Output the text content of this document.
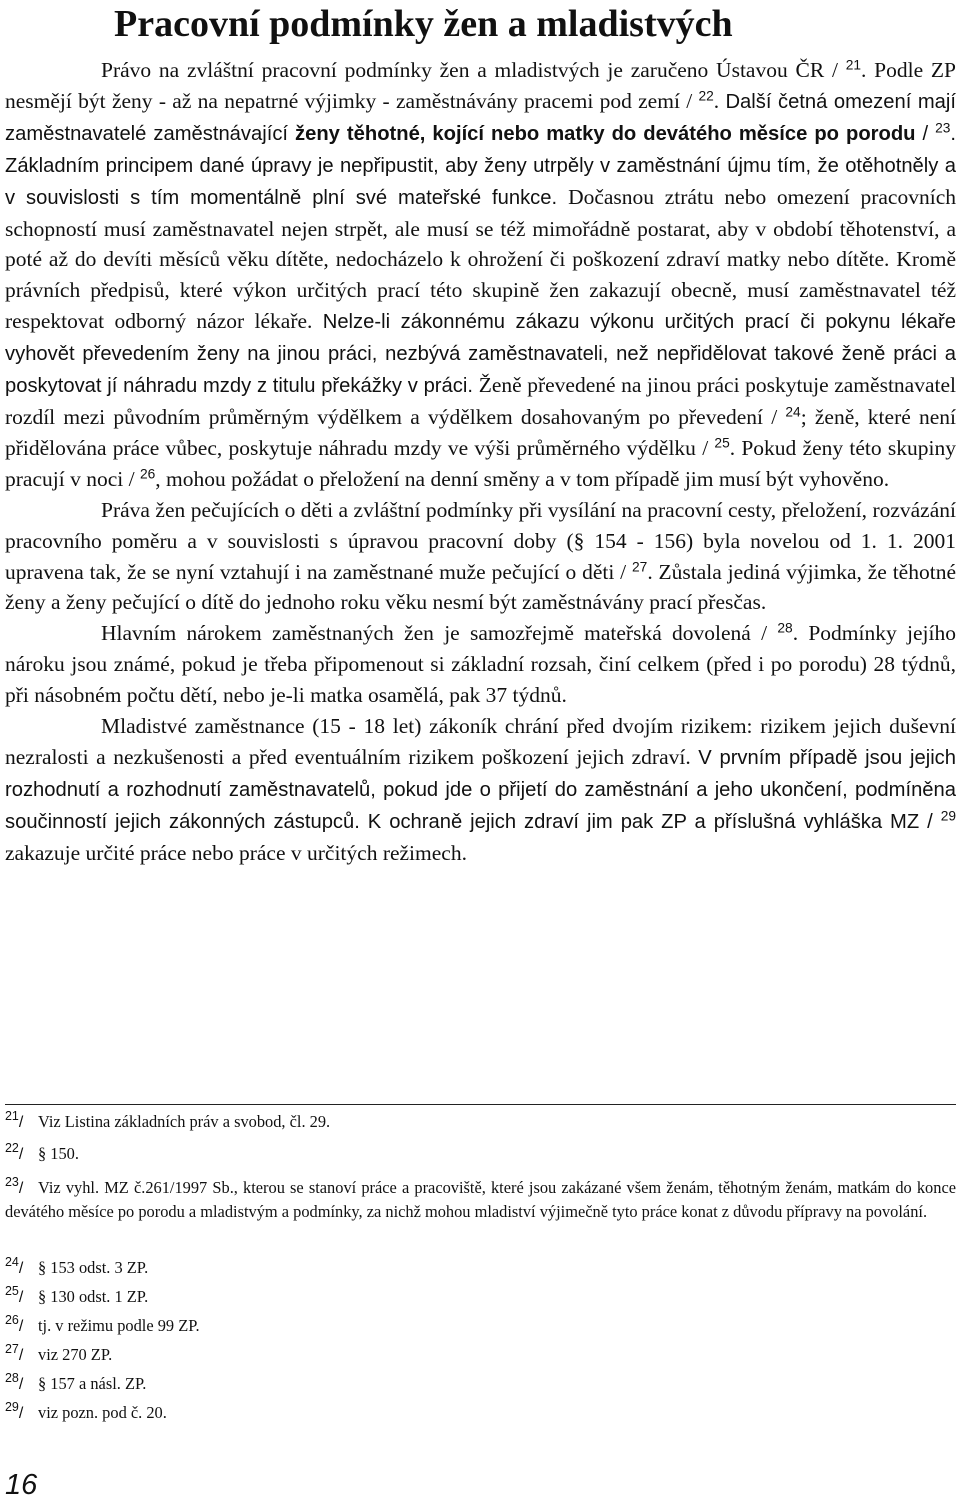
Pracovní podmínky žen a mladistvých

Právo na zvláštní pracovní podmínky žen a mladistvých je zaručeno Ústavou ČR / $^{21}$. Podle ZP nesmějí být ženy - až na nepatrné výjimky - zaměstnávány pracemi pod zemí / $^{22}$. Další četná omezení mají zaměstnavatelé zaměstnávající ženy těhotné, kojící nebo matky do devátého měsíce po porodu / $^{23}$. Základním principem dané úpravy je nepřipustit, aby ženy utrpěly v zaměstnání újmu tím, že otěhotněly a v souvislosti s tím momentálně plní své mateřské funkce. Dočasnou ztrátu nebo omezení pracovních schopností musí zaměstnavatel nejen strpět, ale musí se též mimořádně postarat, aby v období těhotenství, a poté až do devíti měsíců věku dítěte, nedocházelo k ohrožení či poškození zdraví matky nebo dítěte. Kromě právních předpisů, které výkon určitých prací této skupině žen zakazují obecně, musí zaměstnavatel též respektovat odborný názor lékaře. Nelze-li zákonnému zákazu výkonu určitých prací či pokynu lékaře vyhovět převedením ženy na jinou práci, nezbývá zaměstnavateli, než nepřidělovat takové ženě práci a poskytovat jí náhradu mzdy z titulu překážky v práci. Ženě převedené na jinou práci poskytuje zaměstnavatel rozdíl mezi původním průměrným výdělkem a výdělkem dosahovaným po převedení / $^{24}$; ženě, které není přidělována práce vůbec, poskytuje náhradu mzdy ve výši průměrného výdělku / $^{25}$. Pokud ženy této skupiny pracují v noci / $^{26}$, mohou požádat o přeložení na denní směny a v tom případě jim musí být vyhověno.

Práva žen pečujících o děti a zvláštní podmínky při vysílání na pracovní cesty, přeložení, rozvázání pracovního poměru a v souvislosti s úpravou pracovní doby (§ 154 - 156) byla novelou od 1. 1. 2001 upravena tak, že se nyní vztahují i na zaměstnané muže pečující o děti / $^{27}$. Zůstala jediná výjimka, že těhotné ženy a ženy pečující o dítě do jednoho roku věku nesmí být zaměstnávány prací přesčas.

Hlavním nárokem zaměstnaných žen je samozřejmě mateřská dovolená / $^{28}$. Podmínky jejího nároku jsou známé, pokud je třeba připomenout si základní rozsah, činí celkem (před i po porodu) 28 týdnů, při násobném počtu dětí, nebo je-li matka osamělá, pak 37 týdnů.

Mladistvé zaměstnance (15 - 18 let) zákoník chrání před dvojím rizikem: rizikem jejich duševní nezralosti a nezkušenosti a před eventuálním rizikem poškození jejich zdraví. V prvním případě jsou jejich rozhodnutí a rozhodnutí zaměstnavatelů, pokud jde o přijetí do zaměstnání a jeho ukončení, podmíněna součinností jejich zákonných zástupců. K ochraně jejich zdraví jim pak ZP a příslušná vyhláška MZ / $^{29}$ zakazuje určité práce nebo práce v určitých režimech.

$^{21}$/ Viz Listina základních práv a svobod, čl. 29.
$^{22}$/ § 150.
$^{23}$/ Viz vyhl. MZ č.261/1997 Sb., kterou se stanoví práce a pracoviště, které jsou zakázané všem ženám, těhotným ženám, matkám do konce devátého měsíce po porodu a mladistvým a podmínky, za nichž mohou mladiství výjimečně tyto práce konat z důvodu přípravy na povolání.
$^{24}$/ § 153 odst. 3 ZP.
$^{25}$/ § 130 odst. 1 ZP.
$^{26}$/ tj. v režimu podle 99 ZP.
$^{27}$/ viz 270 ZP.
$^{28}$/ § 157 a násl. ZP.
$^{29}$/ viz pozn. pod č. 20.
16
